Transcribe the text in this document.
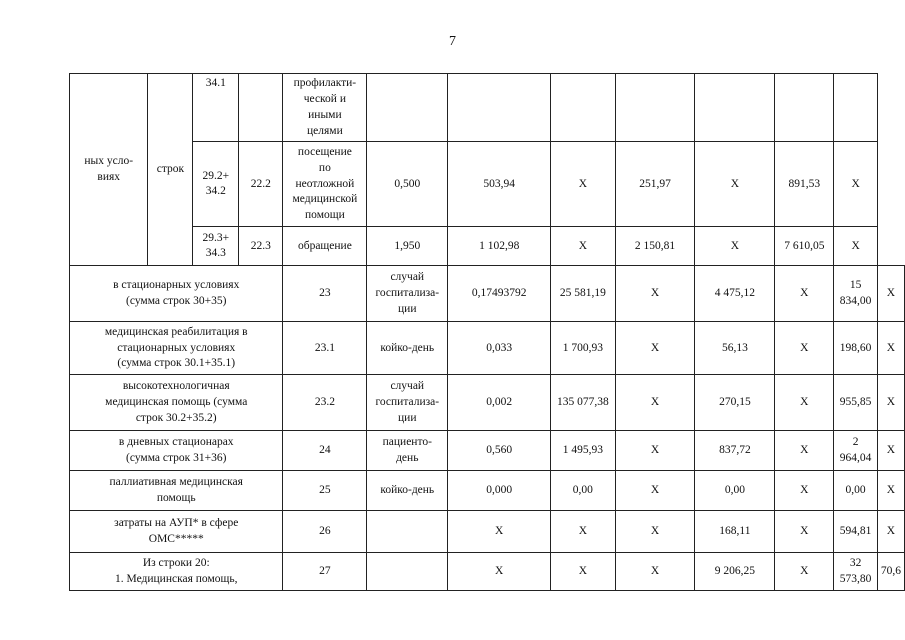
7
ных усло-
виях	строк	34.1		профилакти-
ческой и
иными
целями								
		29.2+
34.2	22.2	посещение
по
неотложной
медицинской
помощи	0,500	503,94	X	251,97	X	891,53	X	
		29.3+
34.3	22.3	обращение	1,950	1 102,98	X	2 150,81	X	7 610,05	X	
в стационарных условиях
(сумма строк 30+35)				23	случай
госпитализа-
ции	0,17493792	25 581,19	X	4 475,12	X	15 834,00	X
медицинская реабилитация в
стационарных условиях
(сумма строк 30.1+35.1)				23.1	койко-день	0,033	1 700,93	X	56,13	X	198,60	X
высокотехнологичная
медицинская помощь (сумма
строк 30.2+35.2)				23.2	случай
госпитализа-
ции	0,002	135 077,38	X	270,15	X	955,85	X
в дневных стационарах
(сумма строк 31+36)				24	пациенто-
день	0,560	1 495,93	X	837,72	X	2 964,04	X
паллиативная медицинская
помощь				25	койко-день	0,000	0,00	X	0,00	X	0,00	X
затраты на АУП* в сфере
ОМС*****				26		X	X	X	168,11	X	594,81	X
Из строки 20:
1. Медицинская помощь,				27		X	X	X	9 206,25	X	32 573,80	70,6
